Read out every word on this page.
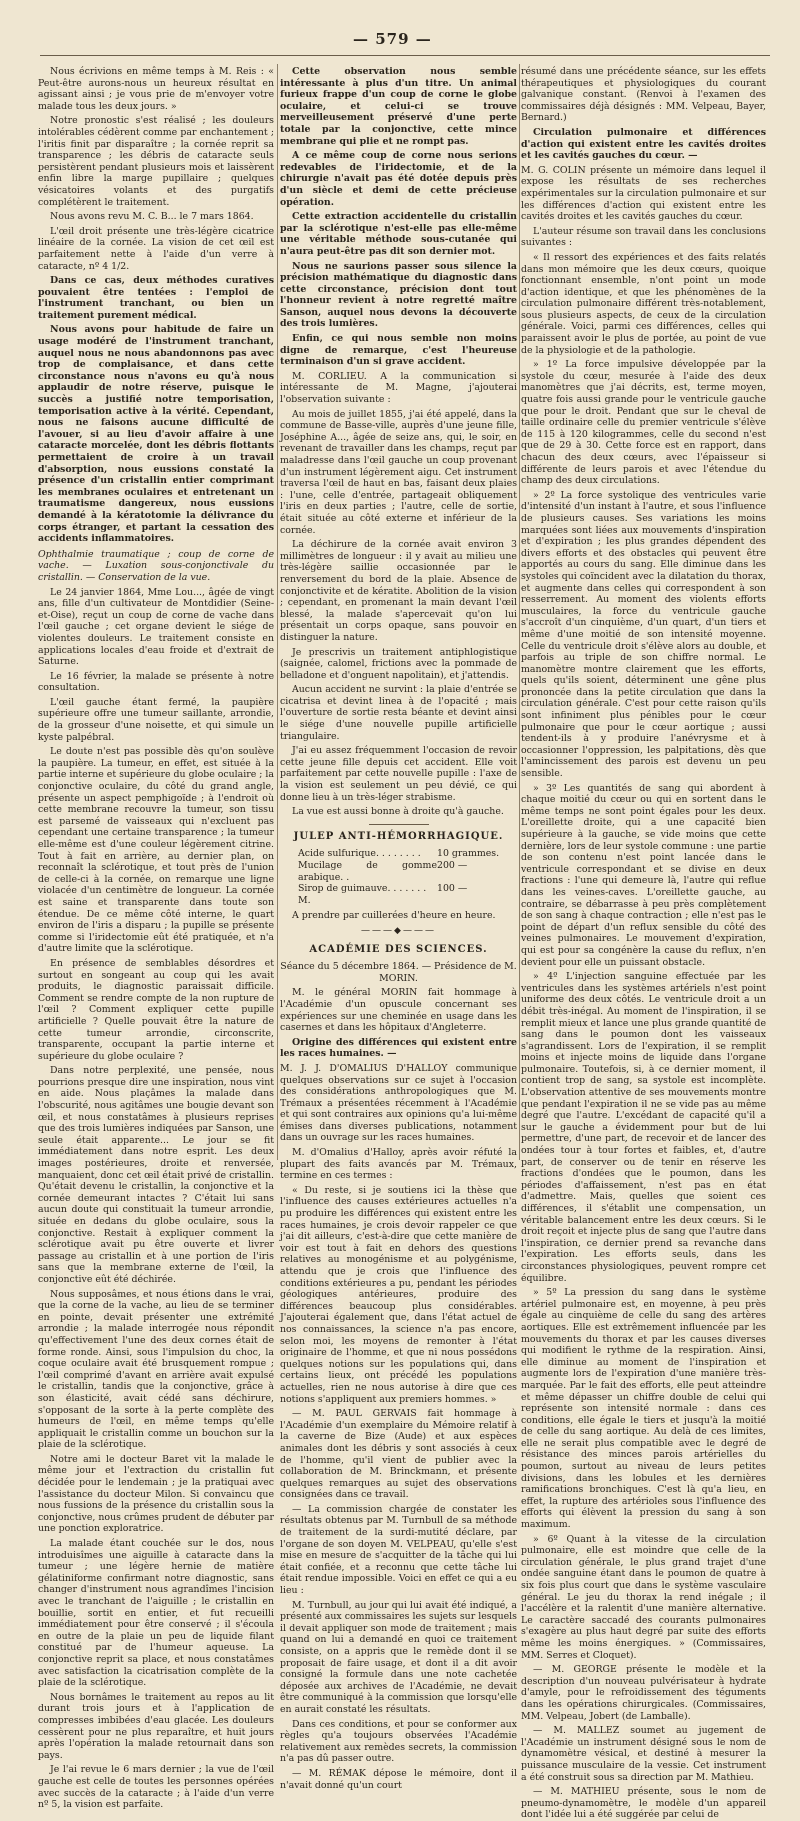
— 579 —

Nous écrivions en même temps à M. Reis : « Peut-être aurons-nous un heureux résultat en agissant ainsi ; je vous prie de m'envoyer votre malade tous les deux jours. »

Notre pronostic s'est réalisé ; les douleurs intolérables cédèrent comme par enchantement ; l'iritis finit par disparaître ; la cornée reprit sa transparence ; les débris de cataracte seuls persistèrent pendant plusieurs mois et laissèrent enfin libre la marge pupillaire ; quelques vésicatoires volants et des purgatifs complétèrent le traitement.

Nous avons revu M. C. B... le 7 mars 1864.

L'œil droit présente une très-légère cicatrice linéaire de la cornée. La vision de cet œil est parfaitement nette à l'aide d'un verre à cataracte, nº 4 1/2.

Dans ce cas, deux méthodes curatives pouvaient être tentées : l'emploi de l'instrument tranchant, ou bien un traitement purement médical.

Nous avons pour habitude de faire un usage modéré de l'instrument tranchant, auquel nous ne nous abandonnons pas avec trop de complaisance, et dans cette circonstance nous n'avons eu qu'à nous applaudir de notre réserve, puisque le succès a justifié notre temporisation, temporisation active à la vérité. Cependant, nous ne faisons aucune difficulté de l'avouer, si au lieu d'avoir affaire à une cataracte morcelée, dont les débris flottants permettaient de croire à un travail d'absorption, nous eussions constaté la présence d'un cristallin entier comprimant les membranes oculaires et entretenant un traumatisme dangereux, nous eussions demandé à la kératotomie la délivrance du corps étranger, et partant la cessation des accidents inflammatoires.

Ophthalmie traumatique ; coup de corne de vache. — Luxation sous-conjonctivale du cristallin. — Conservation de la vue.

Le 24 janvier 1864, Mme Lou..., âgée de vingt ans, fille d'un cultivateur de Montdidier (Seine-et-Oise), reçut un coup de corne de vache dans l'œil gauche ; cet organe devient le siége de violentes douleurs. Le traitement consiste en applications locales d'eau froide et d'extrait de Saturne.

Le 16 février, la malade se présente à notre consultation.

L'œil gauche étant fermé, la paupière supérieure offre une tumeur saillante, arrondie, de la grosseur d'une noisette, et qui simule un kyste palpébral.

Le doute n'est pas possible dès qu'on soulève la paupière. La tumeur, en effet, est située à la partie interne et supérieure du globe oculaire ; la conjonctive oculaire, du côté du grand angle, présente un aspect pemphigoïde ; à l'endroit où cette membrane recouvre la tumeur, son tissu est parsemé de vaisseaux qui n'excluent pas cependant une certaine transparence ; la tumeur elle-même est d'une couleur légèrement citrine. Tout à fait en arrière, au dernier plan, on reconnaît la sclérotique, et tout près de l'union de celle-ci à la cornée, on remarque une ligne violacée d'un centimètre de longueur. La cornée est saine et transparente dans toute son étendue. De ce même côté interne, le quart environ de l'iris a disparu ; la pupille se présente comme si l'iridectomie eût été pratiquée, et n'a d'autre limite que la sclérotique.

En présence de semblables désordres et surtout en songeant au coup qui les avait produits, le diagnostic paraissait difficile. Comment se rendre compte de la non rupture de l'œil ? Comment expliquer cette pupille artificielle ? Quelle pouvait être la nature de cette tumeur arrondie, circonscrite, transparente, occupant la partie interne et supérieure du globe oculaire ?

Dans notre perplexité, une pensée, nous pourrions presque dire une inspiration, nous vint en aide. Nous plaçâmes la malade dans l'obscurité, nous agitâmes une bougie devant son œil, et nous constatâmes à plusieurs reprises que des trois lumières indiquées par Sanson, une seule était apparente... Le jour se fit immédiatement dans notre esprit. Les deux images postérieures, droite et renversée, manquaient, donc cet œil était privé de cristallin. Qu'était devenu le cristallin, la conjonctive et la cornée demeurant intactes ? C'était lui sans aucun doute qui constituait la tumeur arrondie, située en dedans du globe oculaire, sous la conjonctive. Restait à expliquer comment la sclérotique avait pu être ouverte et livrer passage au cristallin et à une portion de l'iris sans que la membrane externe de l'œil, la conjonctive eût été déchirée.

Nous supposâmes, et nous étions dans le vrai, que la corne de la vache, au lieu de se terminer en pointe, devait présenter une extrémité arrondie ; la malade interrogée nous répondit qu'effectivement l'une des deux cornes était de forme ronde. Ainsi, sous l'impulsion du choc, la coque oculaire avait été brusquement rompue ; l'œil comprimé d'avant en arrière avait expulsé le cristallin, tandis que la conjonctive, grâce à son élasticité, avait cédé sans déchirure, s'opposant de la sorte à la perte complète des humeurs de l'œil, en même temps qu'elle appliquait le cristallin comme un bouchon sur la plaie de la sclérotique.

Notre ami le docteur Baret vit la malade le même jour et l'extraction du cristallin fut décidée pour le lendemain ; je la pratiquai avec l'assistance du docteur Milon. Si convaincu que nous fussions de la présence du cristallin sous la conjonctive, nous crûmes prudent de débuter par une ponction exploratrice.

La malade étant couchée sur le dos, nous introduisîmes une aiguille à cataracte dans la tumeur ; une légère hernie de matière gélatiniforme confirmant notre diagnostic, sans changer d'instrument nous agrandîmes l'incision avec le tranchant de l'aiguille ; le cristallin en bouillie, sortit en entier, et fut recueilli immédiatement pour être conservé ; il s'écoula en outre de la plaie un peu de liquide filant constitué par de l'humeur aqueuse. La conjonctive reprit sa place, et nous constatâmes avec satisfaction la cicatrisation complète de la plaie de la sclérotique.

Nous bornâmes le traitement au repos au lit durant trois jours et à l'application de compresses imbibées d'eau glacée. Les douleurs cessèrent pour ne plus reparaître, et huit jours après l'opération la malade retournait dans son pays.

Je l'ai revue le 6 mars dernier ; la vue de l'œil gauche est celle de toutes les personnes opérées avec succès de la cataracte ; à l'aide d'un verre nº 5, la vision est parfaite.

Cette observation nous semble intéressante à plus d'un titre. Un animal furieux frappe d'un coup de corne le globe oculaire, et celui-ci se trouve merveilleusement préservé d'une perte totale par la conjonctive, cette mince membrane qui plie et ne rompt pas.

A ce même coup de corne nous serions redevables de l'iridectomie, et de la chirurgie n'avait pas été dotée depuis près d'un siècle et demi de cette précieuse opération.

Cette extraction accidentelle du cristallin par la sclérotique n'est-elle pas elle-même une véritable méthode sous-cutanée qui n'aura peut-être pas dit son dernier mot.

Nous ne saurions passer sous silence la précision mathématique du diagnostic dans cette circonstance, précision dont tout l'honneur revient à notre regretté maître Sanson, auquel nous devons la découverte des trois lumières.

Enfin, ce qui nous semble non moins digne de remarque, c'est l'heureuse terminaison d'un si grave accident.

M. CORLIEU. A la communication si intéressante de M. Magne, j'ajouterai l'observation suivante :

Au mois de juillet 1855, j'ai été appelé, dans la commune de Basse-ville, auprès d'une jeune fille, Joséphine A..., âgée de seize ans, qui, le soir, en revenant de travailler dans les champs, reçut par maladresse dans l'œil gauche un coup provenant d'un instrument légèrement aigu. Cet instrument traversa l'œil de haut en bas, faisant deux plaies : l'une, celle d'entrée, partageait obliquement l'iris en deux parties ; l'autre, celle de sortie, était située au côté externe et inférieur de la cornée.

La déchirure de la cornée avait environ 3 millimètres de longueur : il y avait au milieu une très-légère saillie occasionnée par le renversement du bord de la plaie. Absence de conjonctivite et de kératite. Abolition de la vision ; cependant, en promenant la main devant l'œil blessé, la malade s'apercevait qu'on lui présentait un corps opaque, sans pouvoir en distinguer la nature.

Je prescrivis un traitement antiphlogistique (saignée, calomel, frictions avec la pommade de belladone et d'onguent napolitain), et j'attendis.

Aucun accident ne survint : la plaie d'entrée se cicatrisa et devint linea à de l'opacité ; mais l'ouverture de sortie resta béante et devint ainsi le siége d'une nouvelle pupille artificielle triangulaire.

J'ai eu assez fréquemment l'occasion de revoir cette jeune fille depuis cet accident. Elle voit parfaitement par cette nouvelle pupille : l'axe de la vision est seulement un peu dévié, ce qui donne lieu à un très-léger strabisme.

La vue est aussi bonne à droite qu'à gauche.

JULEP ANTI-HÉMORRHAGIQUE.

Acide sulfurique. . . . . . . .	10 grammes.
Mucilage de gomme arabique. .
200 —
Sirop de guimauve. . . . . . .	100 —
M.

A prendre par cuillerées d'heure en heure.

———◆———

ACADÉMIE DES SCIENCES.

Séance du 5 décembre 1864. — Présidence de M. MORIN.

M. le général MORIN fait hommage à l'Académie d'un opuscule concernant ses expériences sur une cheminée en usage dans les casernes et dans les hôpitaux d'Angleterre.

Origine des différences qui existent entre les races humaines. —

M. J. J. D'OMALIUS D'HALLOY communique quelques observations sur ce sujet à l'occasion des considérations anthropologiques que M. Trémaux a présentées récemment à l'Académie et qui sont contraires aux opinions qu'a lui-même émises dans diverses publications, notamment dans un ouvrage sur les races humaines.

M. d'Omalius d'Halloy, après avoir réfuté la plupart des faits avancés par M. Trémaux, termine en ces termes :

« Du reste, si je soutiens ici la thèse que l'influence des causes extérieures actuelles n'a pu produire les différences qui existent entre les races humaines, je crois devoir rappeler ce que j'ai dit ailleurs, c'est-à-dire que cette manière de voir est tout à fait en dehors des questions relatives au monogénisme et au polygénisme, attendu que je crois que l'influence des conditions extérieures a pu, pendant les périodes géologiques antérieures, produire des différences beaucoup plus considérables. J'ajouterai également que, dans l'état actuel de nos connaissances, la science n'a pas encore, selon moi, les moyens de remonter à l'état originaire de l'homme, et que ni nous possédons quelques notions sur les populations qui, dans certains lieux, ont précédé les populations actuelles, rien ne nous autorise à dire que ces notions s'appliquent aux premiers hommes. »

— M. PAUL GERVAIS fait hommage à l'Académie d'un exemplaire du Mémoire relatif à la caverne de Bize (Aude) et aux espèces animales dont les débris y sont associés à ceux de l'homme, qu'il vient de publier avec la collaboration de M. Brinckmann, et présente quelques remarques au sujet des observations consignées dans ce travail.

— La commission chargée de constater les résultats obtenus par M. Turnbull de sa méthode de traitement de la surdi-mutité déclare, par l'organe de son doyen M. VELPEAU, qu'elle s'est mise en mesure de s'acquitter de la tâche qui lui était confiée, et a reconnu que cette tâche lui était rendue impossible. Voici en effet ce qui a eu lieu :

M. Turnbull, au jour qui lui avait été indiqué, a présenté aux commissaires les sujets sur lesquels il devait appliquer son mode de traitement ; mais quand on lui a demandé en quoi ce traitement consiste, on a appris que le remède dont il se proposait de faire usage, et dont il a dit avoir consigné la formule dans une note cachetée déposée aux archives de l'Académie, ne devait être communiqué à la commission que lorsqu'elle en aurait constaté les résultats.

Dans ces conditions, et pour se conformer aux règles qu'a toujours observées l'Académie relativement aux remèdes secrets, la commission n'a pas dû passer outre.

— M. RÉMAK dépose le mémoire, dont il n'avait donné qu'un court

résumé dans une précédente séance, sur les effets thérapeutiques et physiologiques du courant galvanique constant. (Renvoi à l'examen des commissaires déjà désignés : MM. Velpeau, Bayer, Bernard.)

Circulation pulmonaire et différences d'action qui existent entre les cavités droites et les cavités gauches du cœur. —

M. G. COLIN présente un mémoire dans lequel il expose les résultats de ses recherches expérimentales sur la circulation pulmonaire et sur les différences d'action qui existent entre les cavités droites et les cavités gauches du cœur.

L'auteur résume son travail dans les conclusions suivantes :

« Il ressort des expériences et des faits relatés dans mon mémoire que les deux cœurs, quoique fonctionnant ensemble, n'ont point un mode d'action identique, et que les phénomènes de la circulation pulmonaire différent très-notablement, sous plusieurs aspects, de ceux de la circulation générale. Voici, parmi ces différences, celles qui paraissent avoir le plus de portée, au point de vue de la physiologie et de la pathologie.

» 1º La force impulsive développée par la systole du cœur, mesurée à l'aide des deux manomètres que j'ai décrits, est, terme moyen, quatre fois aussi grande pour le ventricule gauche que pour le droit. Pendant que sur le cheval de taille ordinaire celle du premier ventricule s'élève de 115 à 120 kilogrammes, celle du second n'est que de 29 à 30. Cette force est en rapport, dans chacun des deux cœurs, avec l'épaisseur si différente de leurs parois et avec l'étendue du champ des deux circulations.

» 2º La force systolique des ventricules varie d'intensité d'un instant à l'autre, et sous l'influence de plusieurs causes. Ses variations les moins marquées sont liées aux mouvements d'inspiration et d'expiration ; les plus grandes dépendent des divers efforts et des obstacles qui peuvent être apportés au cours du sang. Elle diminue dans les systoles qui coïncident avec la dilatation du thorax, et augmente dans celles qui correspondent à son resserrement. Au moment des violents efforts musculaires, la force du ventricule gauche s'accroît d'un cinquième, d'un quart, d'un tiers et même d'une moitié de son intensité moyenne. Celle du ventricule droit s'élève alors au double, et parfois au triple de son chiffre normal. Le manomètre montre clairement que les efforts, quels qu'ils soient, déterminent une gêne plus prononcée dans la petite circulation que dans la circulation générale. C'est pour cette raison qu'ils sont infiniment plus pénibles pour le cœur pulmonaire que pour le cœur aortique ; aussi tendent-ils à y produire l'anévrysme et à occasionner l'oppression, les palpitations, dès que l'amincissement des parois est devenu un peu sensible.

» 3º Les quantités de sang qui abordent à chaque moitié du cœur ou qui en sortent dans le même temps ne sont point égales pour les deux. L'oreillette droite, qui a une capacité bien supérieure à la gauche, se vide moins que cette dernière, lors de leur systole commune : une partie de son contenu n'est point lancée dans le ventricule correspondant et se divise en deux fractions : l'une qui demeure là, l'autre qui reflue dans les veines-caves. L'oreillette gauche, au contraire, se débarrasse à peu près complètement de son sang à chaque contraction ; elle n'est pas le point de départ d'un reflux sensible du côté des veines pulmonaires. Le mouvement d'expiration, qui est pour sa congénère la cause du reflux, n'en devient pour elle un puissant obstacle.

» 4º L'injection sanguine effectuée par les ventricules dans les systèmes artériels n'est point uniforme des deux côtés. Le ventricule droit a un débit très-inégal. Au moment de l'inspiration, il se remplit mieux et lance une plus grande quantité de sang dans le poumon dont les vaisseaux s'agrandissent. Lors de l'expiration, il se remplit moins et injecte moins de liquide dans l'organe pulmonaire. Toutefois, si, à ce dernier moment, il contient trop de sang, sa systole est incomplète. L'observation attentive de ses mouvements montre que pendant l'expiration il ne se vide pas au même degré que l'autre. L'excédant de capacité qu'il a sur le gauche a évidemment pour but de lui permettre, d'une part, de recevoir et de lancer des ondées tour à tour fortes et faibles, et, d'autre part, de conserver ou de tenir en réserve les fractions d'ondées que le poumon, dans les périodes d'affaissement, n'est pas en état d'admettre. Mais, quelles que soient ces différences, il s'établit une compensation, un véritable balancement entre les deux cœurs. Si le droit reçoit et injecte plus de sang que l'autre dans l'inspiration, ce dernier prend sa revanche dans l'expiration. Les efforts seuls, dans les circonstances physiologiques, peuvent rompre cet équilibre.

» 5º La pression du sang dans le système artériel pulmonaire est, en moyenne, à peu près égale au cinquième de celle du sang des artères aortiques. Elle est extrêmement influencée par les mouvements du thorax et par les causes diverses qui modifient le rythme de la respiration. Ainsi, elle diminue au moment de l'inspiration et augmente lors de l'expiration d'une manière très-marquée. Par le fait des efforts, elle peut atteindre et même dépasser un chiffre double de celui qui représente son intensité normale : dans ces conditions, elle égale le tiers et jusqu'à la moitié de celle du sang aortique. Au delà de ces limites, elle ne serait plus compatible avec le degré de résistance des minces parois artérielles du poumon, surtout au niveau de leurs petites divisions, dans les lobules et les dernières ramifications bronchiques. C'est là qu'a lieu, en effet, la rupture des artérioles sous l'influence des efforts qui élèvent la pression du sang à son maximum.

» 6º Quant à la vitesse de la circulation pulmonaire, elle est moindre que celle de la circulation générale, le plus grand trajet d'une ondée sanguine étant dans le poumon de quatre à six fois plus court que dans le système vasculaire général. Le jeu du thorax la rend inégale ; il l'accélère et la ralentit d'une manière alternative. Le caractère saccadé des courants pulmonaires s'exagère au plus haut degré par suite des efforts même les moins énergiques. » (Commissaires, MM. Serres et Cloquet).

— M. GEORGE présente le modèle et la description d'un nouveau pulvérisateur à hydrate d'amyle, pour le refroidissement des téguments dans les opérations chirurgicales. (Commissaires, MM. Velpeau, Jobert (de Lamballe).

— M. MALLEZ soumet au jugement de l'Académie un instrument désigné sous le nom de dynamomètre vésical, et destiné à mesurer la puissance musculaire de la vessie. Cet instrument a été construit sous sa direction par M. Mathieu.

— M. MATHIEU présente, sous le nom de pneumo-dynamomètre, le modèle d'un appareil dont l'idée lui a été suggérée par celui de
